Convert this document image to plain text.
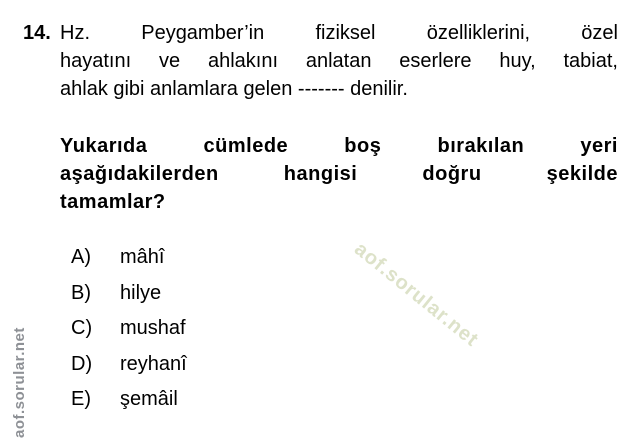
aof.sorular.net
aof.sorular.net
14. Hz. Peygamber’in fiziksel özelliklerini, özel
hayatını ve ahlakını anlatan eserlere huy, tabiat,
ahlak gibi anlamlara gelen ------- denilir.
Yukarıda cümlede boş bırakılan yeri
aşağıdakilerden hangisi doğru şekilde
tamamlar?
A)	mâhî
B)	hilye
C)	mushaf
D)	reyhanî
E)	şemâil
